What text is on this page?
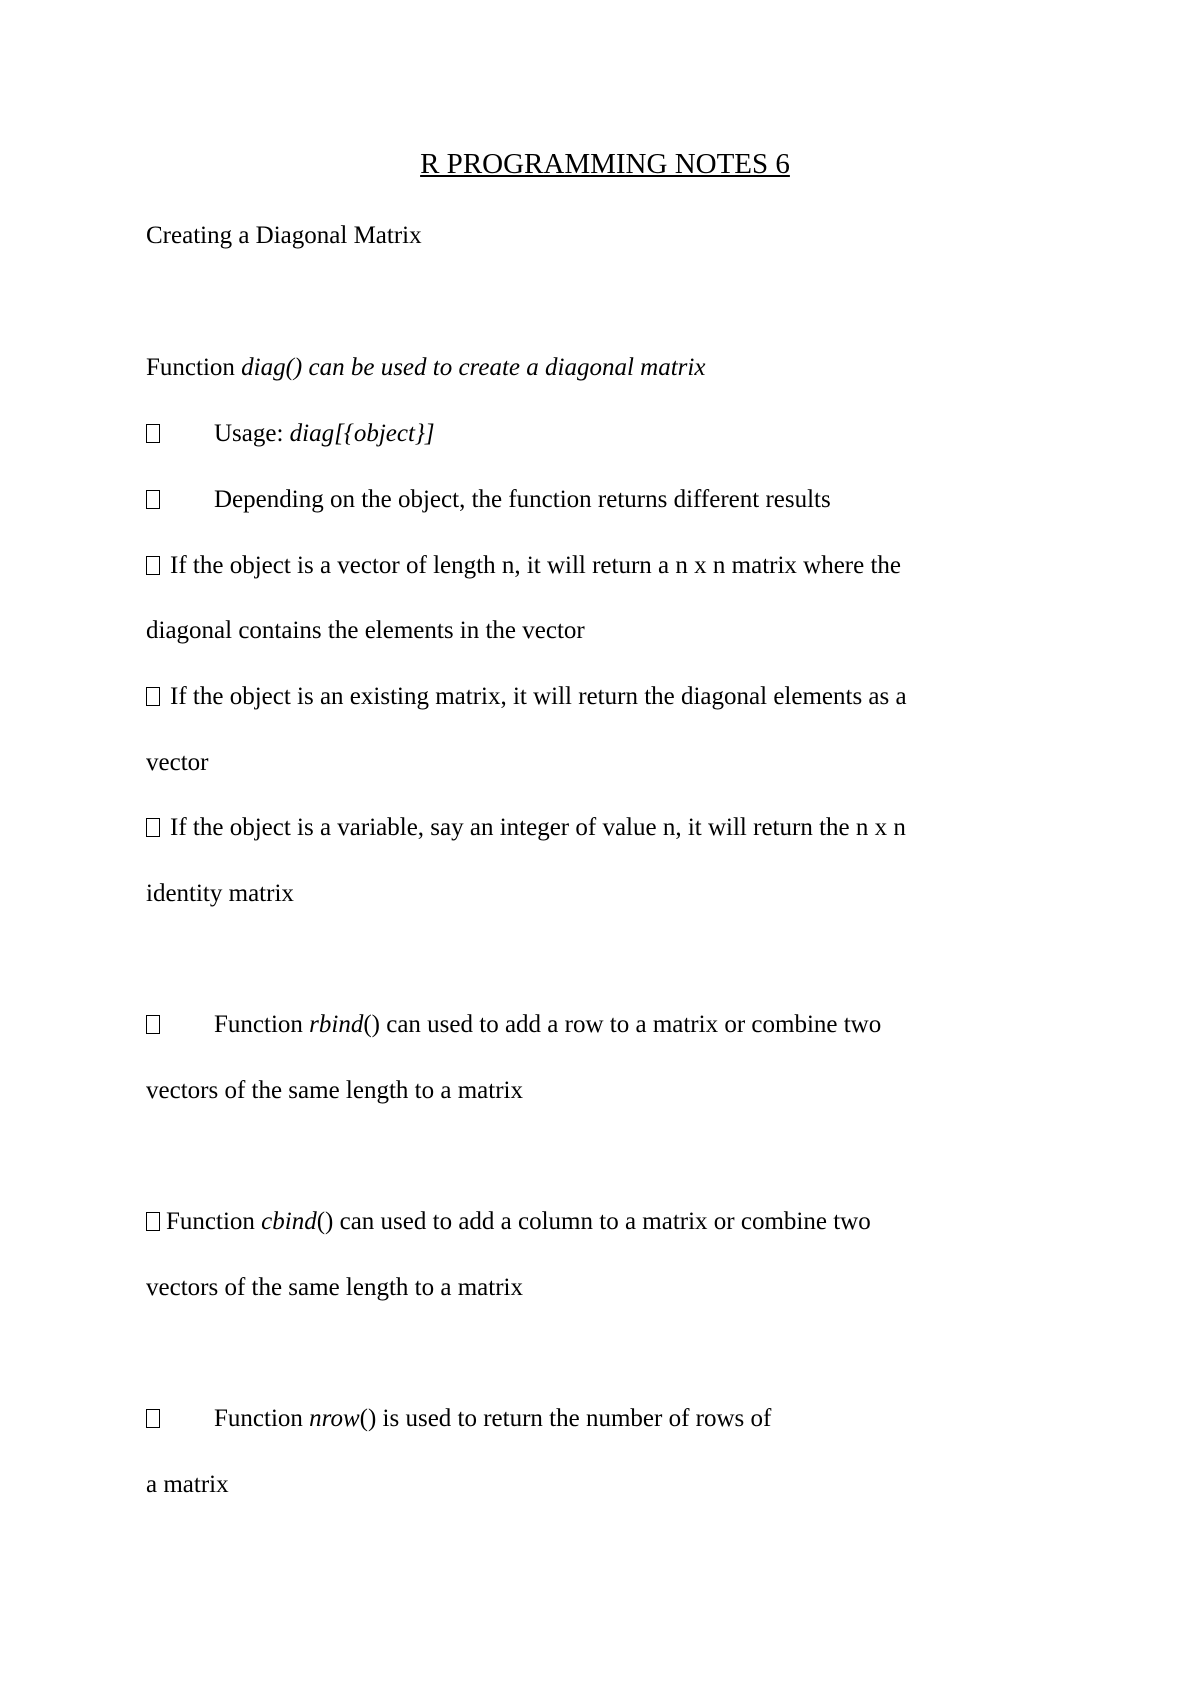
R PROGRAMMING NOTES 6
Creating a Diagonal Matrix
Function diag() can be used to create a diagonal matrix
Usage: diag[{object}]
Depending on the object, the function returns different results
If the object is a vector of length n, it will return a n x n matrix where the
diagonal contains the elements in the vector
If the object is an existing matrix, it will return the diagonal elements as a
vector
If the object is a variable, say an integer of value n, it will return the n x n
identity matrix
Function rbind() can used to add a row to a matrix or combine two
vectors of the same length to a matrix
Function cbind() can used to add a column to a matrix or combine two
vectors of the same length to a matrix
Function nrow() is used to return the number of rows of
a matrix
